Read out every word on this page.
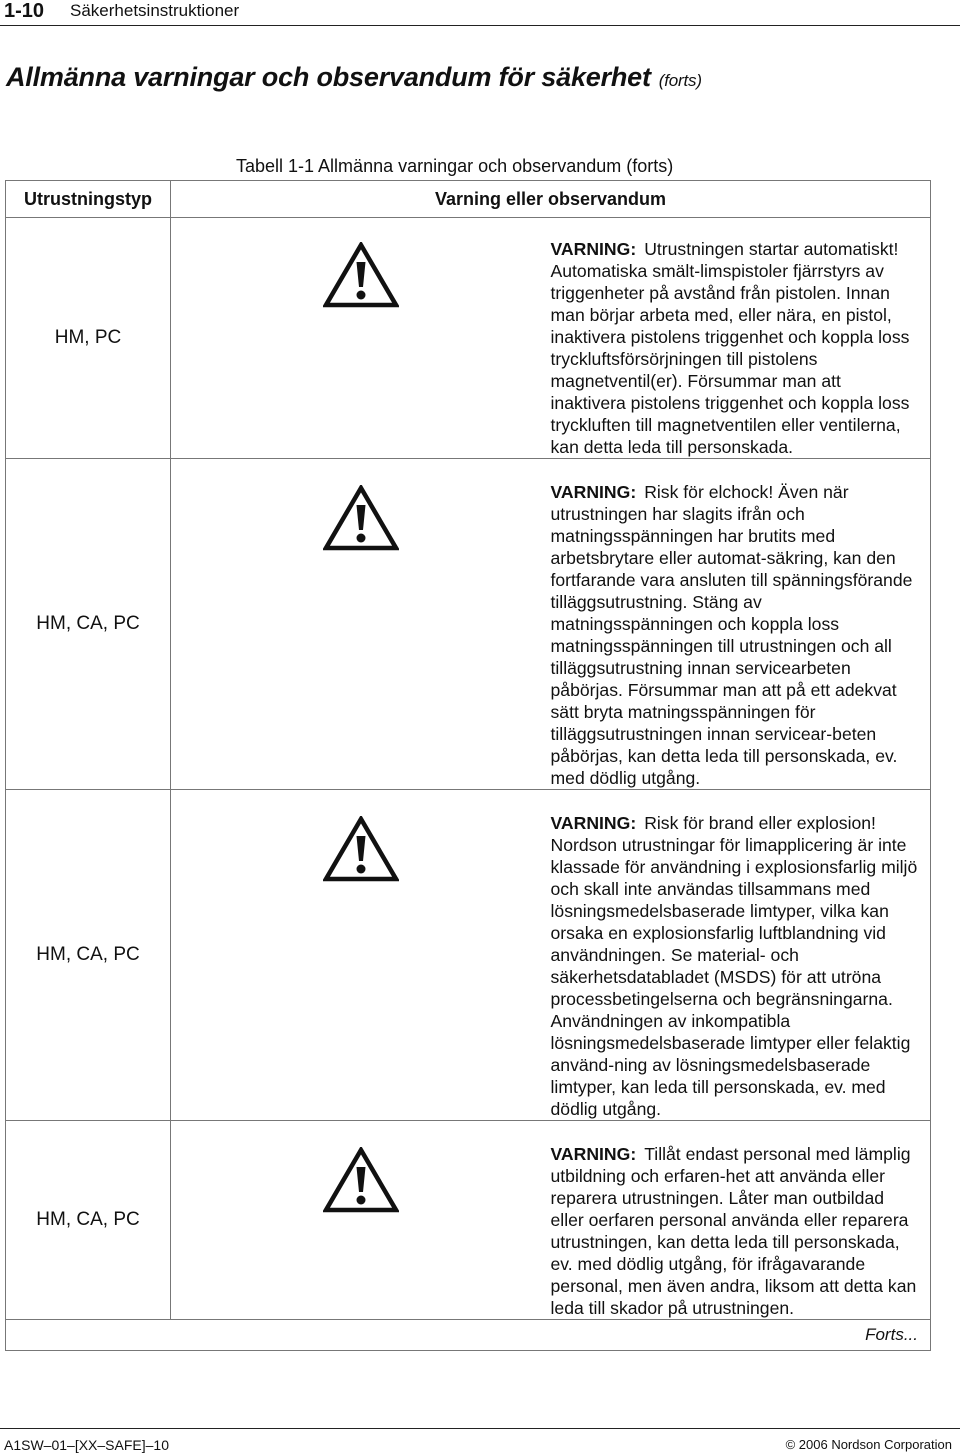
1-10 Säkerhetsinstruktioner
Allmänna varningar och observandum för säkerhet (forts)
Tabell 1-1 Allmänna varningar och observandum (forts)
Utrustningstyp	Varning eller observandum	
HM, PC		VARNING: Utrustningen startar automatiskt! Automatiska smält-limspistoler fjärrstyrs av triggenheter på avstånd från pistolen. Innan man börjar arbeta med, eller nära, en pistol, inaktivera pistolens triggenhet och koppla loss tryckluftsförsörjningen till pistolens magnetventil(er). Försummar man att inaktivera pistolens triggenhet och koppla loss tryckluften till magnetventilen eller ventilerna, kan detta leda till personskada.

HM, CA, PC		VARNING: Risk för elchock! Även när utrustningen har slagits ifrån och matningsspänningen har brutits med arbetsbrytare eller automat-säkring, kan den fortfarande vara ansluten till spänningsförande tilläggsutrustning. Stäng av matningsspänningen och koppla loss matningsspänningen till utrustningen och all tilläggsutrustning innan servicearbeten påbörjas. Försummar man att på ett adekvat sätt bryta matningsspänningen för tilläggsutrustningen innan servicear-beten påbörjas, kan detta leda till personskada, ev. med dödlig utgång.

HM, CA, PC		VARNING: Risk för brand eller explosion! Nordson utrustningar för limapplicering är inte klassade för användning i explosionsfarlig miljö och skall inte användas tillsammans med lösningsmedelsbaserade limtyper, vilka kan orsaka en explosionsfarlig luftblandning vid användningen. Se material- och säkerhetsdatabladet (MSDS) för att utröna processbetingelserna och begränsningarna. Användningen av inkompatibla lösningsmedelsbaserade limtyper eller felaktig använd-ning av lösningsmedelsbaserade limtyper, kan leda till personskada, ev. med dödlig utgång.

HM, CA, PC		VARNING: Tillåt endast personal med lämplig utbildning och erfaren-het att använda eller reparera utrustningen. Låter man outbildad eller oerfaren personal använda eller reparera utrustningen, kan detta leda till personskada, ev. med dödlig utgång, för ifrågavarande personal, men även andra, liksom att detta kan leda till skador på utrustningen.

Forts...		
A1SW–01–[XX–SAFE]–10	© 2006 Nordson Corporation
